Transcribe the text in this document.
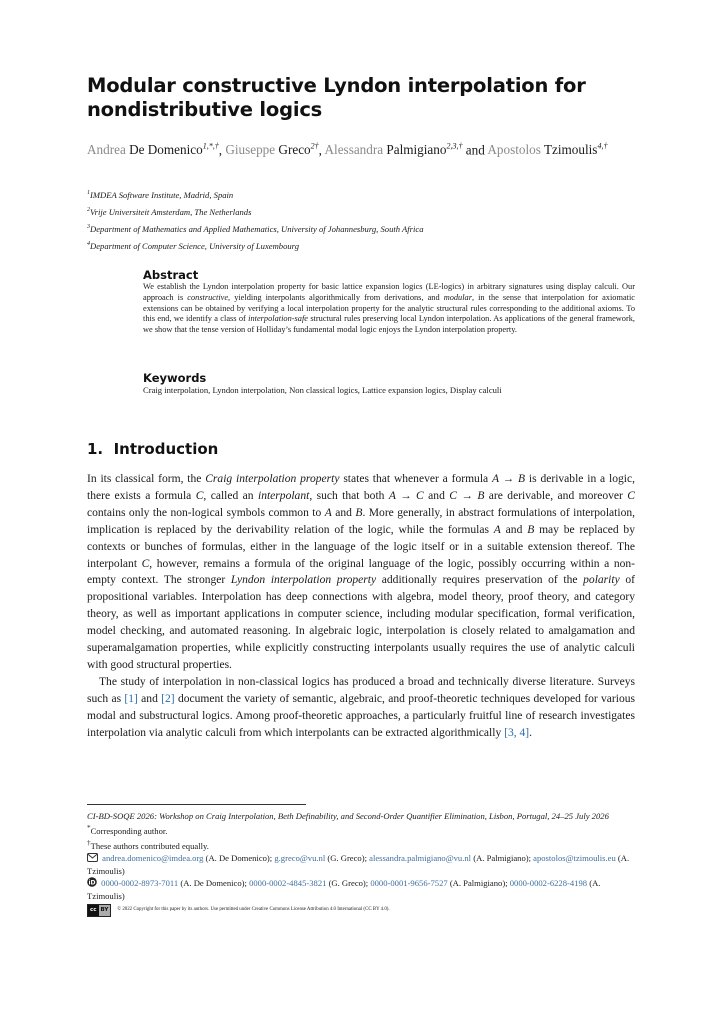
Modular constructive Lyndon interpolation for nondistributive logics
Andrea De Domenico$^{1,*,\dagger}$, Giuseppe Greco$^{2\dagger}$, Alessandra Palmigiano$^{2,3,\dagger}$ and Apostolos Tzimoulis$^{4,\dagger}$
$^1$IMDEA Software Institute, Madrid, Spain
$^2$Vrije Universiteit Amsterdam, The Netherlands
$^3$Department of Mathematics and Applied Mathematics, University of Johannesburg, South Africa
$^4$Department of Computer Science, University of Luxembourg
Abstract

We establish the Lyndon interpolation property for basic lattice expansion logics (LE-logics) in arbitrary signatures using display calculi. Our approach is constructive, yielding interpolants algorithmically from derivations, and modular, in the sense that interpolation for axiomatic extensions can be obtained by verifying a local interpolation property for the analytic structural rules corresponding to the additional axioms. To this end, we identify a class of interpolation-safe structural rules preserving local Lyndon interpolation. As applications of the general framework, we show that the tense version of Holliday’s fundamental modal logic enjoys the Lyndon interpolation property.

Keywords

Craig interpolation, Lyndon interpolation, Non classical logics, Lattice expansion logics, Display calculi

1. Introduction

In its classical form, the Craig interpolation property states that whenever a formula A → B is derivable in a logic, there exists a formula C, called an interpolant, such that both A → C and C → B are derivable, and moreover C contains only the non-logical symbols common to A and B. More generally, in abstract formulations of interpolation, implication is replaced by the derivability relation of the logic, while the formulas A and B may be replaced by contexts or bunches of formulas, either in the language of the logic itself or in a suitable extension thereof. The interpolant C, however, remains a formula of the original language of the logic, possibly occurring within a non-empty context. The stronger Lyndon interpolation property additionally requires preservation of the polarity of propositional variables. Interpolation has deep connections with algebra, model theory, proof theory, and category theory, as well as important applications in computer science, including modular specification, formal verification, model checking, and automated reasoning. In algebraic logic, interpolation is closely related to amalgamation and superamalgamation properties, while explicitly constructing interpolants usually requires the use of analytic calculi with good structural properties.

The study of interpolation in non-classical logics has produced a broad and technically diverse literature. Surveys such as [1] and [2] document the variety of semantic, algebraic, and proof-theoretic techniques developed for various modal and substructural logics. Among proof-theoretic approaches, a particularly fruitful line of research investigates interpolation via analytic calculi from which interpolants can be extracted algorithmically [3, 4].

CI-BD-SOQE 2026: Workshop on Craig Interpolation, Beth Definability, and Second-Order Quantifier Elimination, Lisbon, Portugal, 24–25 July 2026

*Corresponding author.

†These authors contributed equally.

andrea.domenico@imdea.org (A. De Domenico); g.greco@vu.nl (G. Greco); alessandra.palmigiano@vu.nl (A. Palmigiano); apostolos@tzimoulis.eu (A. Tzimoulis)

iD 0000-0002-8973-7011 (A. De Domenico); 0000-0002-4845-3821 (G. Greco); 0000-0001-9656-7527 (A. Palmigiano); 0000-0002-6228-4198 (A. Tzimoulis)

cc BY	© 2022 Copyright for this paper by its authors. Use permitted under Creative Commons License Attribution 4.0 International (CC BY 4.0).
